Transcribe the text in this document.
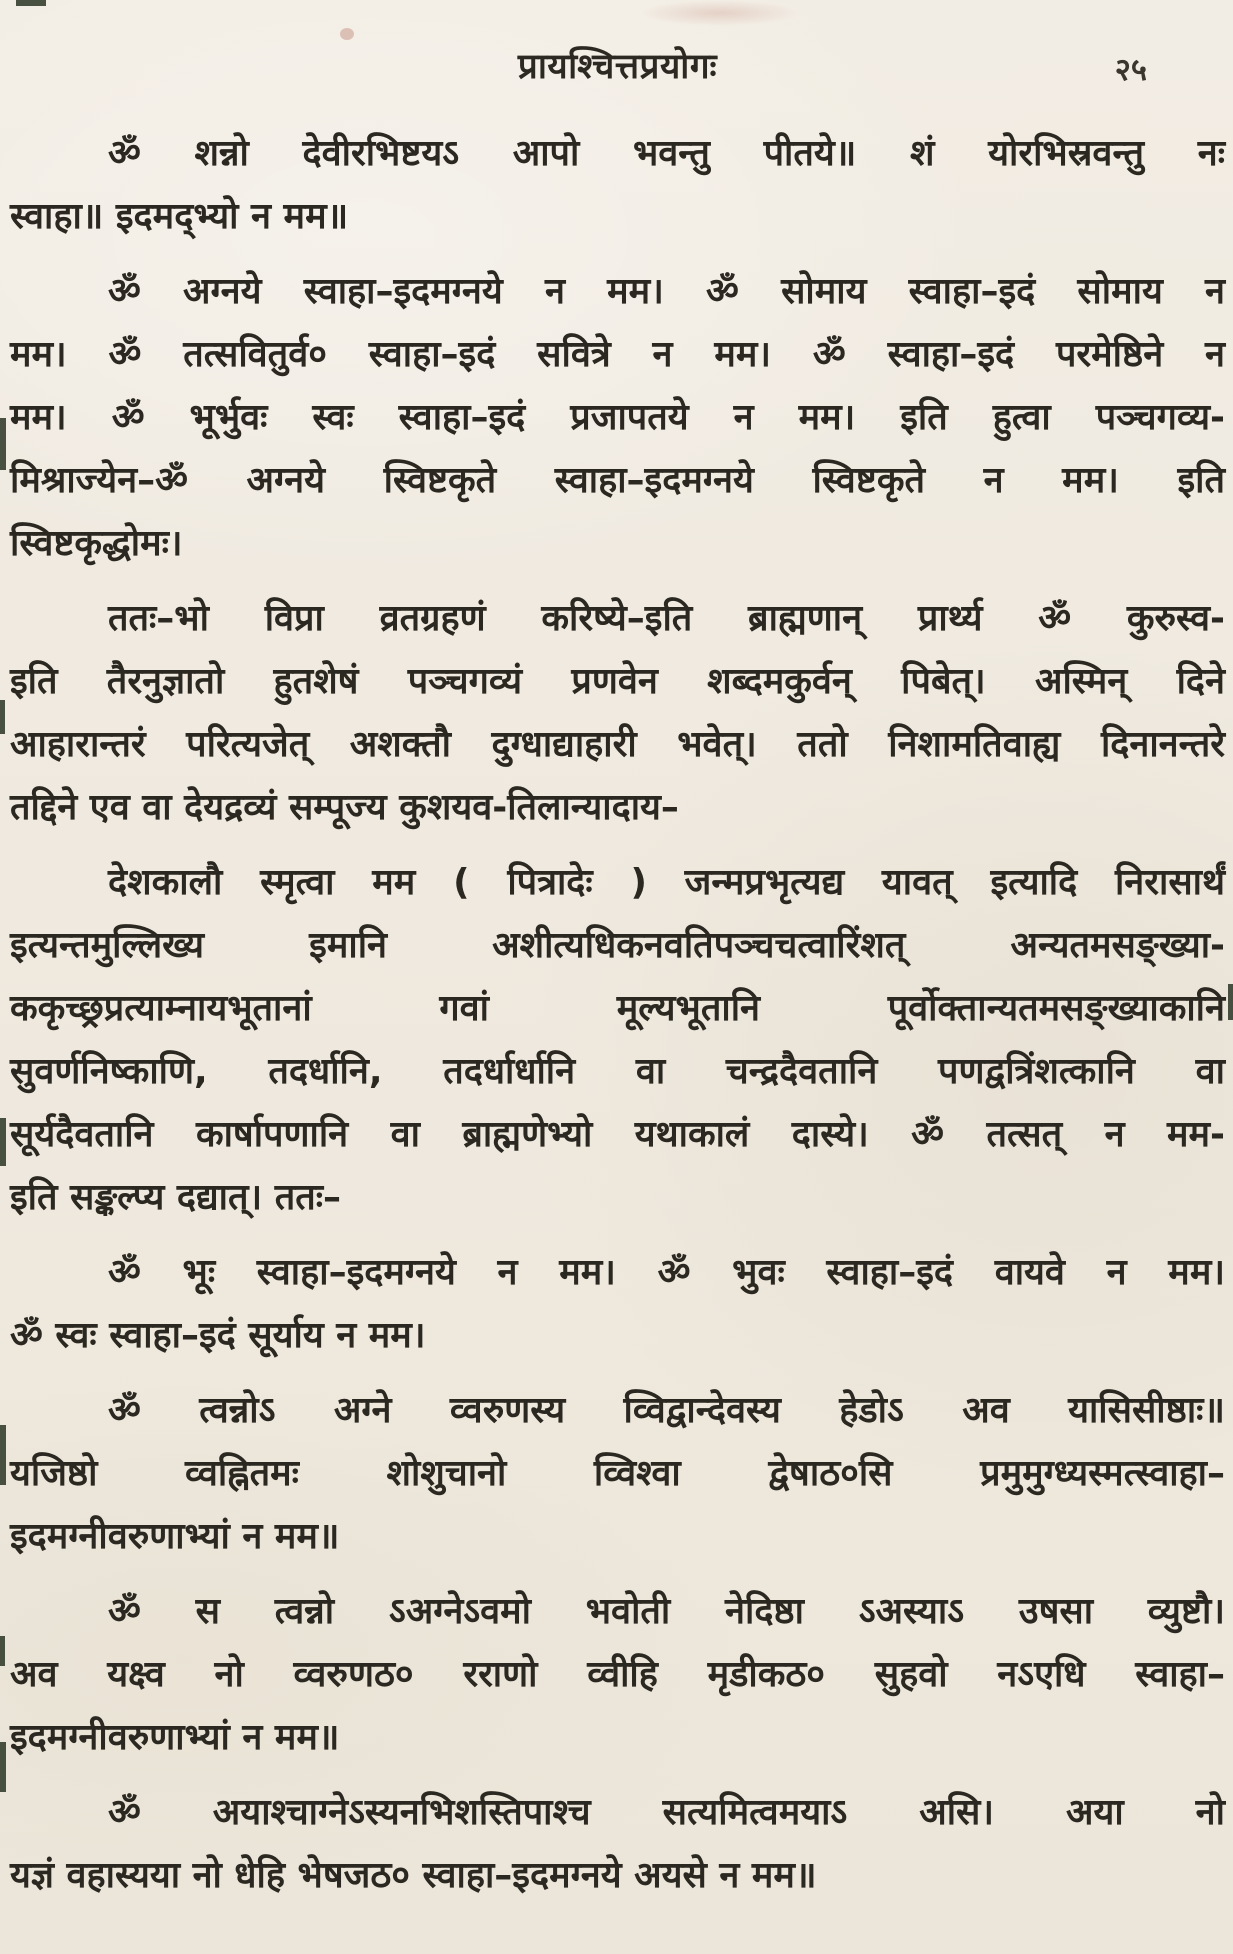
प्रायश्चित्तप्रयोगः	२५
ॐ शन्नो देवीरभिष्टयऽ आपो भवन्तु पीतये॥ शं योरभिस्रवन्तु नः
स्वाहा॥ इदमद्भ्यो न मम॥
ॐ अग्नये स्वाहा–इदमग्नये न मम। ॐ सोमाय स्वाहा–इदं सोमाय न
मम। ॐ तत्सवितुर्व० स्वाहा–इदं सवित्रे न मम। ॐ स्वाहा–इदं परमेष्ठिने न
मम। ॐ भूर्भुवः स्वः स्वाहा–इदं प्रजापतये न मम। इति हुत्वा पञ्चगव्य-
मिश्राज्येन–ॐ अग्नये स्विष्टकृते स्वाहा–इदमग्नये स्विष्टकृते न मम। इति
स्विष्टकृद्धोमः।
ततः–भो विप्रा व्रतग्रहणं करिष्ये–इति ब्राह्मणान् प्रार्थ्य ॐ कुरुस्व-
इति तैरनुज्ञातो हुतशेषं पञ्चगव्यं प्रणवेन शब्दमकुर्वन् पिबेत्। अस्मिन् दिने
आहारान्तरं परित्यजेत् अशक्तौ दुग्धाद्याहारी भवेत्। ततो निशामतिवाह्य दिनानन्तरे
तद्दिने एव वा देयद्रव्यं सम्पूज्य कुशयव-तिलान्यादाय–
देशकालौ स्मृत्वा मम ( पित्रादेः ) जन्मप्रभृत्यद्य यावत् इत्यादि निरासार्थं
इत्यन्तमुल्लिख्य इमानि अशीत्यधिकनवतिपञ्चचत्वारिंशत् अन्यतमसङ्ख्या-
ककृच्छ्रप्रत्याम्नायभूतानां गवां मूल्यभूतानि पूर्वोक्तान्यतमसङ्ख्याकानि
सुवर्णनिष्काणि, तदर्धानि, तदर्धार्धानि वा चन्द्रदैवतानि पणद्वत्रिंशत्कानि वा
सूर्यदैवतानि कार्षापणानि वा ब्राह्मणेभ्यो यथाकालं दास्ये। ॐ तत्सत् न मम-
इति सङ्कल्प्य दद्यात्। ततः–
ॐ भूः स्वाहा–इदमग्नये न मम। ॐ भुवः स्वाहा–इदं वायवे न मम।
ॐ स्वः स्वाहा–इदं सूर्याय न मम।
ॐ त्वन्नोऽ अग्ने व्वरुणस्य व्विद्वान्देवस्य हेडोऽ अव यासिसीष्ठाः॥
यजिष्ठो व्वह्नितमः शोशुचानो व्विश्वा द्वेषाठ०सि प्रमुमुग्ध्यस्मत्स्वाहा–
इदमग्नीवरुणाभ्यां न मम॥
ॐ स त्वन्नो ऽअग्नेऽवमो भवोती नेदिष्ठा ऽअस्याऽ उषसा व्युष्टौ।
अव यक्ष्व नो व्वरुणठ० रराणो व्वीहि मृडीकठ० सुहवो नऽएधि स्वाहा–
इदमग्नीवरुणाभ्यां न मम॥
ॐ अयाश्चाग्नेऽस्यनभिशस्तिपाश्च सत्यमित्वमयाऽ असि। अया नो
यज्ञं वहास्यया नो धेहि भेषजठ० स्वाहा–इदमग्नये अयसे न मम॥
